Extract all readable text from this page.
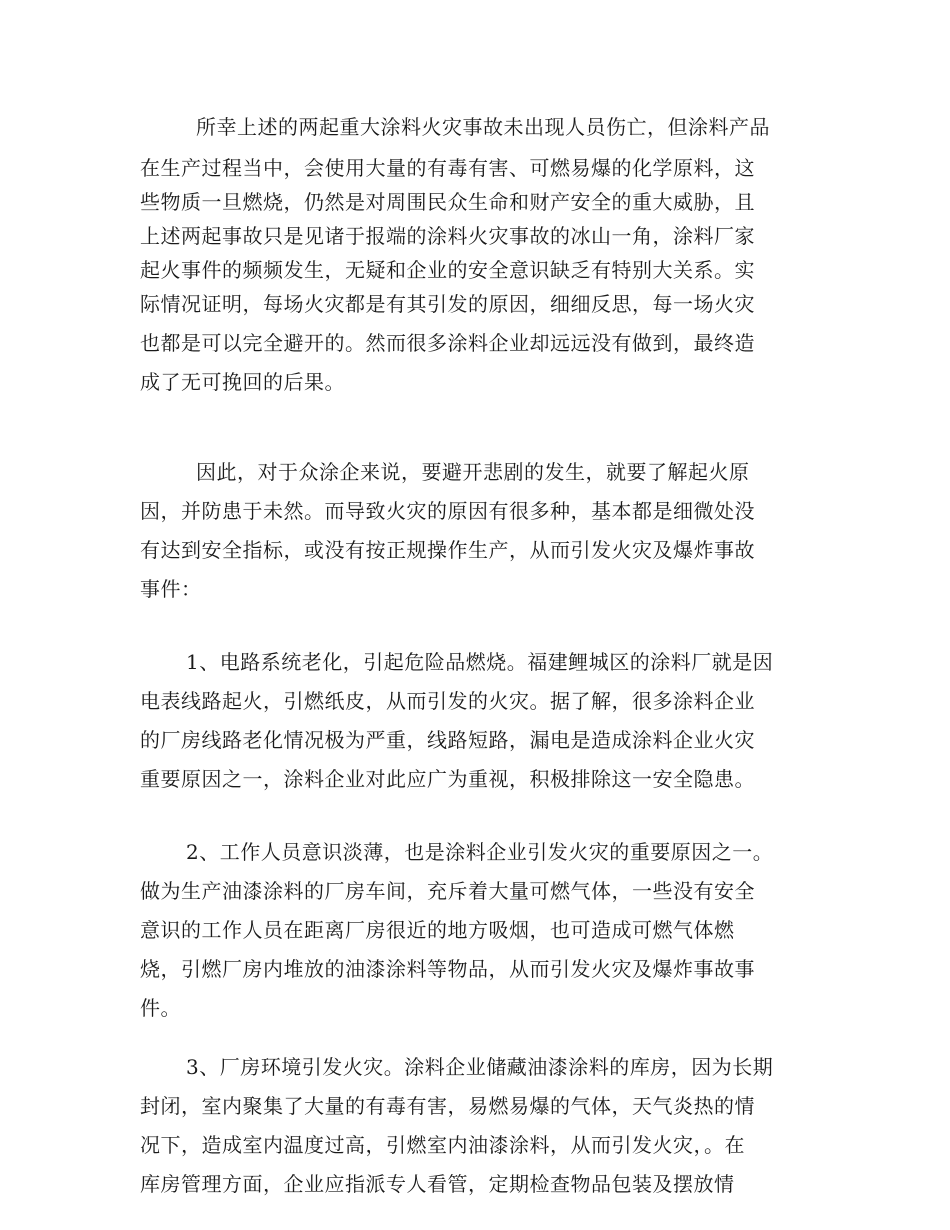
所幸上述的两起重大涂料火灾事故未出现人员伤亡，但涂料产品

在生产过程当中，会使用大量的有毒有害、可燃易爆的化学原料，这

些物质一旦燃烧，仍然是对周围民众生命和财产安全的重大威胁，且

上述两起事故只是见诸于报端的涂料火灾事故的冰山一角，涂料厂家

起火事件的频频发生，无疑和企业的安全意识缺乏有特别大关系。实

际情况证明，每场火灾都是有其引发的原因，细细反思，每一场火灾

也都是可以完全避开的。然而很多涂料企业却远远没有做到，最终造

成了无可挽回的后果。

因此，对于众涂企来说，要避开悲剧的发生，就要了解起火原

因，并防患于未然。而导致火灾的原因有很多种，基本都是细微处没

有达到安全指标，或没有按正规操作生产，从而引发火灾及爆炸事故

事件：

1、电路系统老化，引起危险品燃烧。福建鲤城区的涂料厂就是因

电表线路起火，引燃纸皮，从而引发的火灾。据了解，很多涂料企业

的厂房线路老化情况极为严重，线路短路，漏电是造成涂料企业火灾

重要原因之一，涂料企业对此应广为重视，积极排除这一安全隐患。

2、工作人员意识淡薄，也是涂料企业引发火灾的重要原因之一。

做为生产油漆涂料的厂房车间，充斥着大量可燃气体，一些没有安全

意识的工作人员在距离厂房很近的地方吸烟，也可造成可燃气体燃

烧，引燃厂房内堆放的油漆涂料等物品，从而引发火灾及爆炸事故事

件。

3、厂房环境引发火灾。涂料企业储藏油漆涂料的库房，因为长期

封闭，室内聚集了大量的有毒有害，易燃易爆的气体，天气炎热的情

况下，造成室内温度过高，引燃室内油漆涂料，从而引发火灾，。在

库房管理方面，企业应指派专人看管，定期检查物品包装及摆放情
